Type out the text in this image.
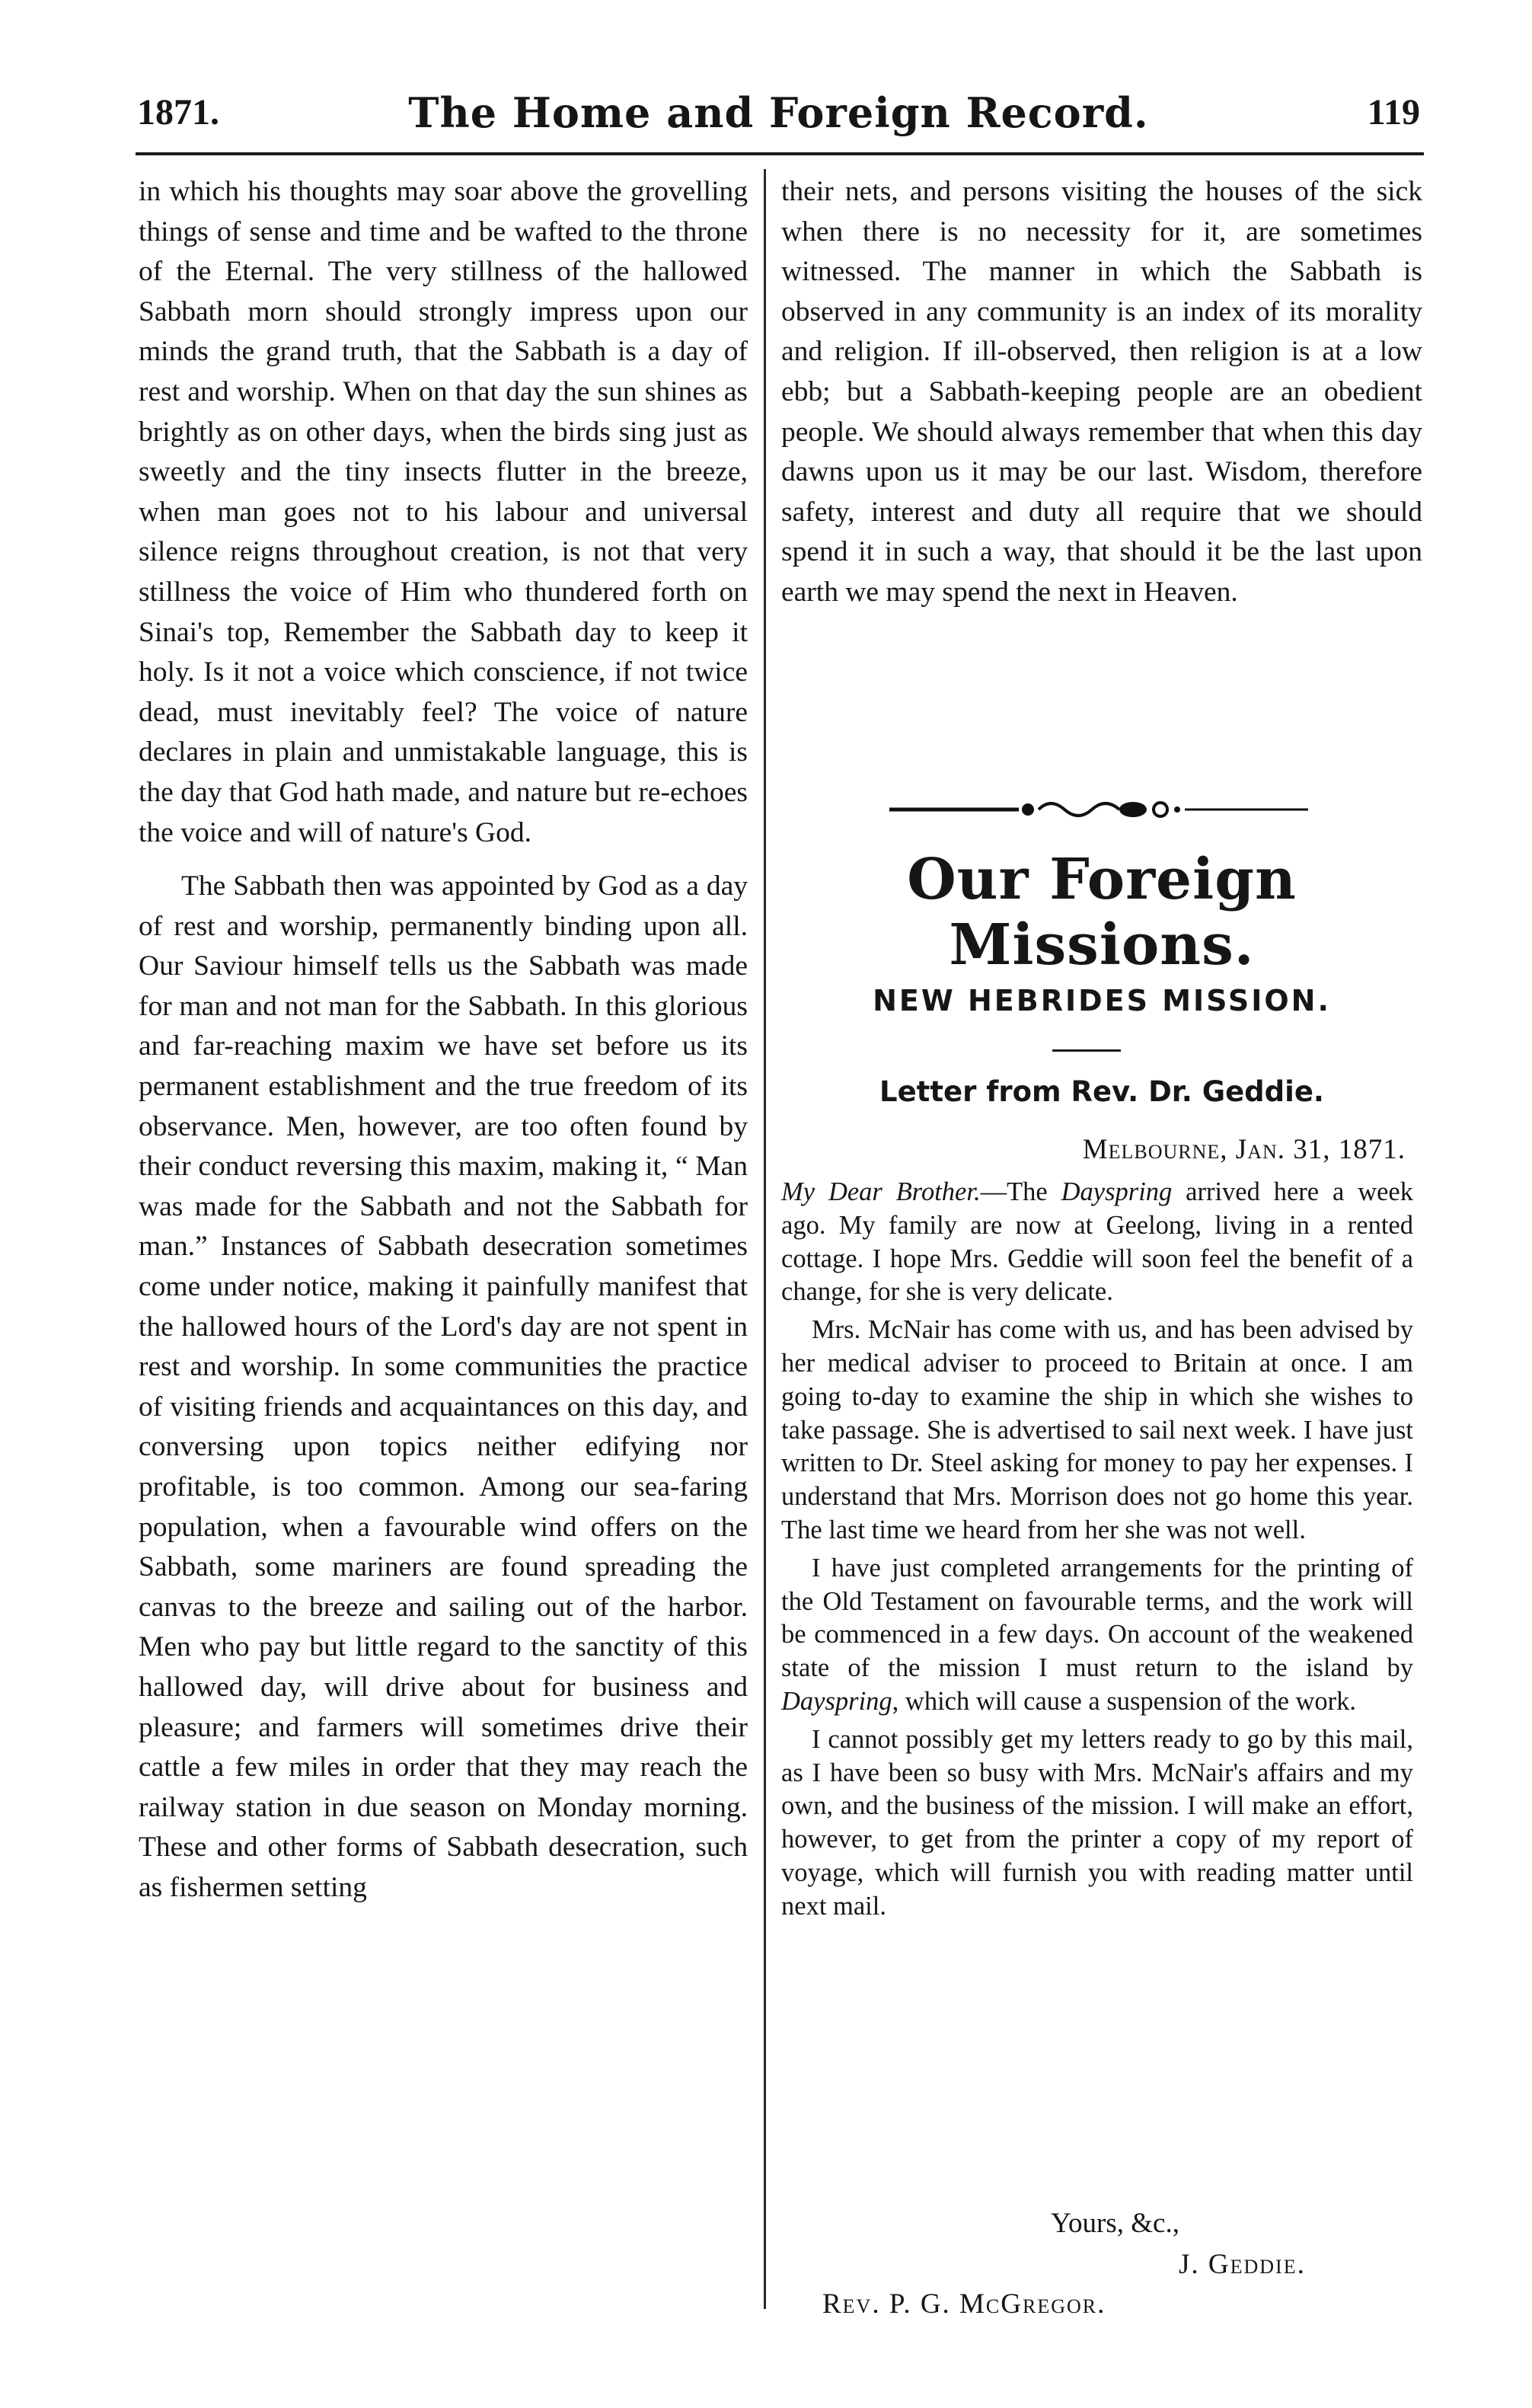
1871.	The Home and Foreign Record.	119

in which his thoughts may soar above the grovelling things of sense and time and be wafted to the throne of the Eternal. The very stillness of the hallowed Sabbath morn should strongly impress upon our minds the grand truth, that the Sabbath is a day of rest and worship. When on that day the sun shines as brightly as on other days, when the birds sing just as sweetly and the tiny insects flutter in the breeze, when man goes not to his labour and universal silence reigns throughout creation, is not that very stillness the voice of Him who thundered forth on Sinai's top, Remember the Sabbath day to keep it holy. Is it not a voice which conscience, if not twice dead, must inevitably feel? The voice of nature declares in plain and unmistakable language, this is the day that God hath made, and nature but re-echoes the voice and will of nature's God.

The Sabbath then was appointed by God as a day of rest and worship, permanently binding upon all. Our Saviour himself tells us the Sabbath was made for man and not man for the Sabbath. In this glorious and far-reaching maxim we have set before us its permanent establishment and the true freedom of its observance. Men, however, are too often found by their conduct reversing this maxim, making it, “ Man was made for the Sabbath and not the Sabbath for man.” Instances of Sabbath desecration sometimes come under notice, making it painfully manifest that the hallowed hours of the Lord's day are not spent in rest and worship. In some communities the practice of visiting friends and acquaintances on this day, and conversing upon topics neither edifying nor profitable, is too common. Among our sea-faring population, when a favourable wind offers on the Sabbath, some mariners are found spreading the canvas to the breeze and sailing out of the harbor. Men who pay but little regard to the sanctity of this hallowed day, will drive about for business and pleasure; and farmers will sometimes drive their cattle a few miles in order that they may reach the railway station in due season on Monday morning. These and other forms of Sabbath desecration, such as fishermen setting

their nets, and persons visiting the houses of the sick when there is no necessity for it, are sometimes witnessed. The manner in which the Sabbath is observed in any community is an index of its morality and religion. If ill-observed, then religion is at a low ebb; but a Sabbath-keeping people are an obedient people. We should always remember that when this day dawns upon us it may be our last. Wisdom, therefore safety, interest and duty all require that we should spend it in such a way, that should it be the last upon earth we may spend the next in Heaven.

Our Foreign Missions.
NEW HEBRIDES MISSION.
Letter from Rev. Dr. Geddie.
Melbourne, Jan. 31, 1871.

My Dear Brother.—The Dayspring arrived here a week ago. My family are now at Geelong, living in a rented cottage. I hope Mrs. Geddie will soon feel the benefit of a change, for she is very delicate.

Mrs. McNair has come with us, and has been advised by her medical adviser to proceed to Britain at once. I am going to-day to examine the ship in which she wishes to take passage. She is advertised to sail next week. I have just written to Dr. Steel asking for money to pay her expenses. I understand that Mrs. Morrison does not go home this year. The last time we heard from her she was not well.

I have just completed arrangements for the printing of the Old Testament on favourable terms, and the work will be commenced in a few days. On account of the weakened state of the mission I must return to the island by Dayspring, which will cause a suspension of the work.

I cannot possibly get my letters ready to go by this mail, as I have been so busy with Mrs. McNair's affairs and my own, and the business of the mission. I will make an effort, however, to get from the printer a copy of my report of voyage, which will furnish you with reading matter until next mail.

Yours, &c.,
J. Geddie.
Rev. P. G. McGregor.
